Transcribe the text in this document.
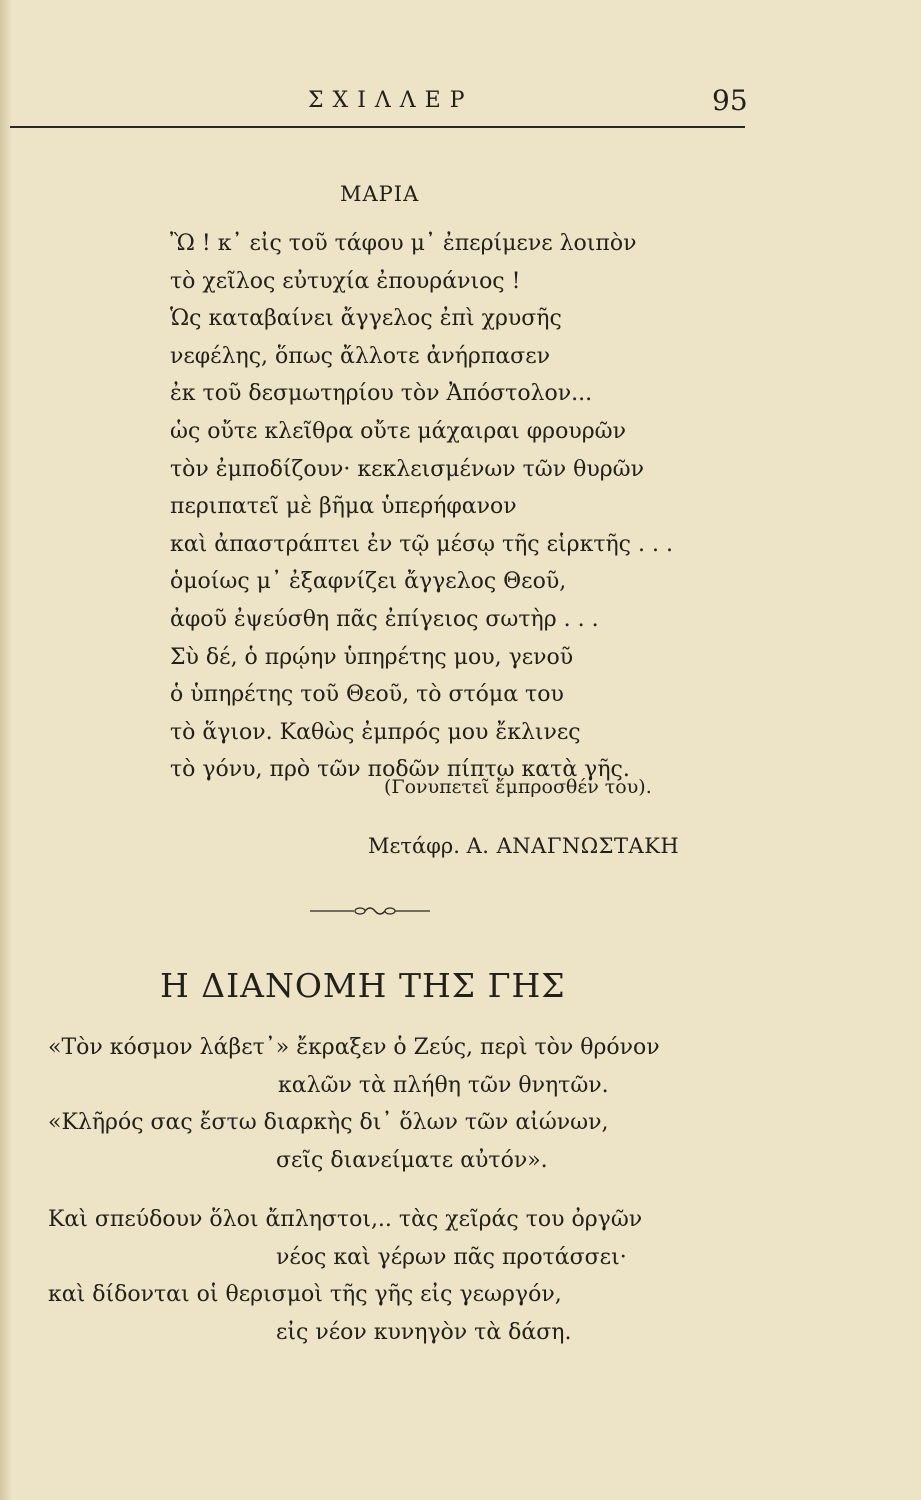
ΣΧΙΛΛΕΡ	95
ΜΑΡΙΑ
Ὢ ! κ᾽ εἰς τοῦ τάφου μ᾽ ἐπερίμενε λοιπὸν
τὸ χεῖλος εὐτυχία ἐπουράνιος !
Ὡς καταβαίνει ἄγγελος ἐπὶ χρυσῆς
νεφέλης, ὅπως ἄλλοτε ἀνήρπασεν
ἐκ τοῦ δεσμωτηρίου τὸν Ἀπόστολον...
ὡς οὔτε κλεῖθρα οὔτε μάχαιραι φρουρῶν
τὸν ἐμποδίζουν· κεκλεισμένων τῶν θυρῶν
περιπατεῖ μὲ βῆμα ὑπερήφανον
καὶ ἀπαστράπτει ἐν τῷ μέσῳ τῆς εἱρκτῆς . . .
ὁμοίως μ᾽ ἐξαφνίζει ἄγγελος Θεοῦ,
ἀφοῦ ἐψεύσθη πᾶς ἐπίγειος σωτὴρ . . .
Σὺ δέ, ὁ πρῴην ὑπηρέτης μου, γενοῦ
ὁ ὑπηρέτης τοῦ Θεοῦ, τὸ στόμα του
τὸ ἅγιον. Καθὼς ἐμπρός μου ἔκλινες
τὸ γόνυ, πρὸ τῶν ποδῶν πίπτω κατὰ γῆς.
(Γονυπετεῖ ἔμπροσθέν του).
Μετάφρ. Α. ΑΝΑΓΝΩΣΤΑΚΗ
Η ΔΙΑΝΟΜΗ ΤΗΣ ΓΗΣ
«Τὸν κόσμον λάβετ᾽» ἔκραξεν ὁ Ζεύς, περὶ τὸν θρόνον
καλῶν τὰ πλήθη τῶν θνητῶν.
«Κλῆρός σας ἔστω διαρκὴς δι᾽ ὅλων τῶν αἰώνων,
σεῖς διανείματε αὐτόν».
Καὶ σπεύδουν ὅλοι ἄπληστοι,.. τὰς χεῖράς του ὀργῶν
νέος καὶ γέρων πᾶς προτάσσει·
καὶ δίδονται οἱ θερισμοὶ τῆς γῆς εἰς γεωργόν,
εἰς νέον κυνηγὸν τὰ δάση.
